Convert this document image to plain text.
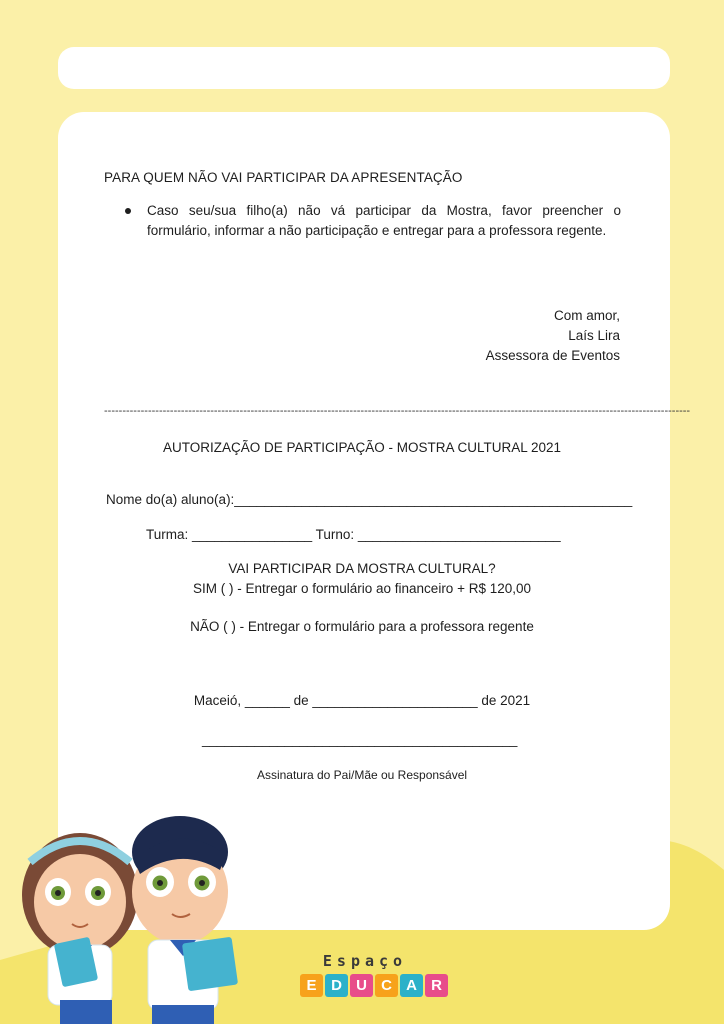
PARA QUEM NÃO VAI PARTICIPAR DA APRESENTAÇÃO
Caso seu/sua filho(a) não vá participar da Mostra, favor preencher o formulário, informar a não participação e entregar para a professora regente.
Com amor,
Laís Lira
Assessora de Eventos
----------------------------------------------------------------------------------------------------------------------------------------------------------------
AUTORIZAÇÃO DE PARTICIPAÇÃO - MOSTRA CULTURAL 2021
Nome do(a) aluno(a):_____________________________________________________
Turma: ________________ Turno: ___________________________
VAI PARTICIPAR DA MOSTRA CULTURAL?
SIM ( ) - Entregar o formulário ao financeiro + R$ 120,00
NÃO ( ) - Entregar o formulário para a professora regente
Maceió, ______ de ______________________ de 2021
__________________________________________
Assinatura do Pai/Mãe ou Responsável
Espaço
E D U C A R
